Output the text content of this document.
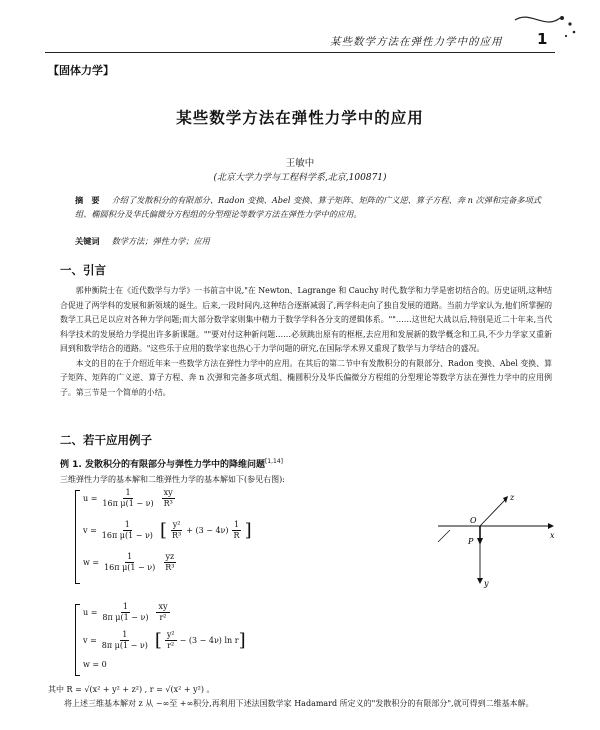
某些数学方法在弹性力学中的应用 1
【固体力学】
某些数学方法在弹性力学中的应用
王敏中
(北京大学力学与工程科学系,北京,100871)
摘　要 介绍了发散积分的有限部分、Radon 变换、Abel 变换、算子矩阵、矩阵的广义逆、算子方程、奔 n 次弹和完备多项式组、椭圆积分及华氏偏微分方程组的分型理论等数学方法在弹性力学中的应用。
关键词 数学方法；弹性力学；应用
一、引言

郭仲衡院士在《近代数学与力学》一书前言中说,"在 Newton、Lagrange 和 Cauchy 时代,数学和力学是密切结合的。历史证明,这种结合促进了两学科的发展和新领域的诞生。后来,一段时间内,这种结合逐渐减弱了,两学科走向了独自发展的道路。当前力学家认为,他们所掌握的数学工具已足以应对各种力学问题;而大部分数学家则集中精力于数学学科各分支的逻辑体系。""……这世纪大战以后,特别是近二十年来,当代科学技术的发展给力学提出许多新课题。""要对付这种新问题……必须跳出原有的框框,去应用和发展新的数学概念和工具,不少力学家又重新回到和数学结合的道路。"这些乐于应用的数学家也热心于力学问题的研究,在国际学术界又重现了数学与力学结合的盛况。

本文的目的在于介绍近年来一些数学方法在弹性力学中的应用。在其后的第二节中有发散积分的有限部分、Radon 变换、Abel 变换、算子矩阵、矩阵的广义逆、算子方程、奔 n 次弹和完备多项式组、椭圆积分及华氏偏微分方程组的分型理论等数学方法在弹性力学中的应用例子。第三节是一个简单的小结。

二、若干应用例子
例 1. 发散积分的有限部分与弹性力学中的降维问题[1,14]
三维弹性力学的基本解和二维弹性力学的基本解如下(参见右图):
$u = \frac{1}{\text{16π μ(1 − ν)}} \frac{xy}{\text{R³}}$
$v = \frac{1}{\text{16π μ(1 − ν)}}$ [ $\frac{\text{y²}}{\text{R³}} + (3 - 4\nu) \frac{1}{R}$ ]
$w = \frac{1}{\text{16π μ(1 − ν)}} \frac{yz}{\text{R³}}$
O
x
y
z
P
$u = \frac{1}{\text{8π μ(1 − ν)}} \frac{xy}{\text{r²}}$
$v = \frac{1}{\text{8π μ(1 − ν)}}$ [ $\frac{\text{y²}}{\text{r²}} - (3 - 4\nu)$ ln r ]
w = 0

其中 R = √(x² + y² + z²) , r = √(x² + y²) 。

将上述三维基本解对 z 从 −∞至 +∞积分,再利用下述法国数学家 Hadamard 所定义的"发散积分的有限部分",就可得到二维基本解。
